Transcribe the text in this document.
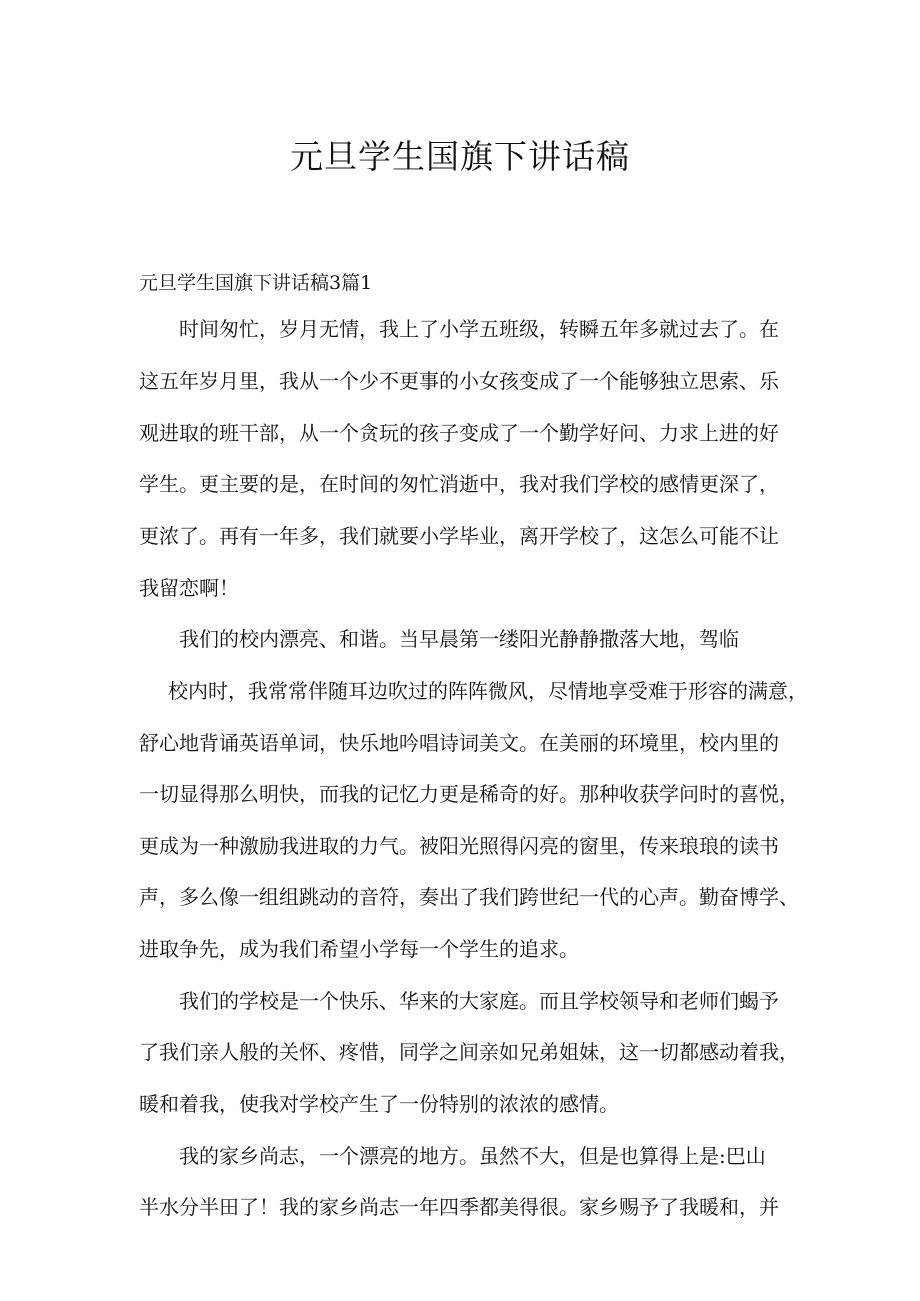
元旦学生国旗下讲话稿
元旦学生国旗下讲话稿3篇1
时间匆忙，岁月无情，我上了小学五班级，转瞬五年多就过去了。在
这五年岁月里，我从一个少不更事的小女孩变成了一个能够独立思索、乐
观进取的班干部，从一个贪玩的孩子变成了一个勤学好问、力求上进的好
学生。更主要的是，在时间的匆忙消逝中，我对我们学校的感情更深了，
更浓了。再有一年多，我们就要小学毕业，离开学校了，这怎么可能不让
我留恋啊！
我们的校内漂亮、和谐。当早晨第一缕阳光静静撒落大地，驾临
校内时，我常常伴随耳边吹过的阵阵微风，尽情地享受难于形容的满意，
舒心地背诵英语单词，快乐地吟唱诗词美文。在美丽的环境里，校内里的
一切显得那么明快，而我的记忆力更是稀奇的好。那种收获学问时的喜悦，
更成为一种激励我进取的力气。被阳光照得闪亮的窗里，传来琅琅的读书
声，多么像一组组跳动的音符，奏出了我们跨世纪一代的心声。勤奋博学、
进取争先，成为我们希望小学每一个学生的追求。
我们的学校是一个快乐、华来的大家庭。而且学校领导和老师们蝎予
了我们亲人般的关怀、疼惜，同学之间亲如兄弟姐妹，这一切都感动着我，
暖和着我，使我对学校产生了一份特别的浓浓的感情。
我的家乡尚志，一个漂亮的地方。虽然不大，但是也算得上是:巴山
半水分半田了！我的家乡尚志一年四季都美得很。家乡赐予了我暖和，并
